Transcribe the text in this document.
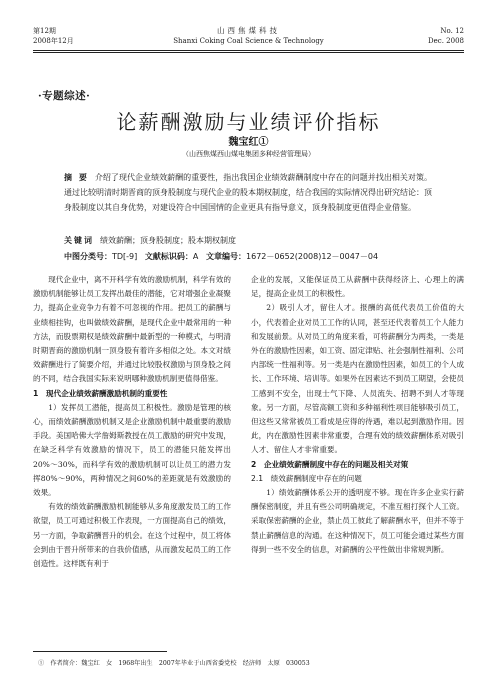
第12期
2008年12月
山西焦煤科技
Shanxi Coking Coal Science & Technology
No. 12
Dec. 2008
·专题综述·
论薪酬激励与业绩评价指标
魏宝红①
（山西焦煤西山煤电集团多种经营管理局）
摘 要 介绍了现代企业绩效薪酬的重要性，指出我国企业绩效薪酬制度中存在的问题并找出相关对策。通过比较明清时期晋商的顶身股制度与现代企业的股本期权制度，结合我国的实际情况得出研究结论：顶身股制度以其自身优势，对建设符合中国国情的企业更具有指导意义，顶身股制度更值得企业借鉴。
关键词 绩效薪酬；顶身股制度；股本期权制度
中图分类号：TD[-9] 文献标识码：A 文章编号：1672－0652(2008)12－0047－04

现代企业中，离不开科学有效的激励机制，科学有效的激励机制能够让员工发挥出最佳的潜能，它对增强企业凝聚力，提高企业竞争力有着不可忽视的作用。把员工的薪酬与业绩相挂钩，也叫做绩效薪酬，是现代企业中最常用的一种方法，而股票期权是绩效薪酬中最新型的一种模式，与明清时期晋商的激励机制一顶身股有着许多相似之处。本文对绩效薪酬进行了简要介绍，并通过比较股权激励与顶身股之间的不同，结合我国实际来说明哪种激励机制更值得借鉴。

1　现代企业绩效薪酬激励机制的重要性

1）发挥员工潜能，提高员工积极性。激励是管理的核心，而绩效薪酬激励机制又是企业激励机制中最重要的激励手段。美国哈佛大学詹姆斯教授在员工激励的研究中发现，在缺乏科学有效激励的情况下，员工的潜能只能发挥出20%～30%，而科学有效的激励机制可以让员工的潜力发挥80%～90%，两种情况之间60%的差距就是有效激励的效果。

有效的绩效薪酬激励机制能够从多角度激发员工的工作欲望，员工可通过积极工作表现，一方面提高自己的绩效，另一方面，争取薪酬晋升的机会。在这个过程中，员工将体会到由于晋升所带来的自我价值感，从而激发起员工的工作创造性。这样既有利于

企业的发展，又能保证员工从薪酬中获得经济上、心理上的满足，提高企业员工的积极性。

2）吸引人才，留住人才。报酬的高低代表员工价值的大小，代表着企业对员工工作的认同，甚至还代表着员工个人能力和发展前景。从对员工的角度来看，可将薪酬分为两类，一类是外在的激励性因素，如工资、固定津贴、社会强制性福利、公司内部统一性福利等。另一类是内在激励性因素，如员工的个人成长、工作环境、培训等。如果外在因素达不到员工期望，会使员工感到不安全，出现士气下降、人员流失、招聘不到人才等现象。另一方面，尽管高额工资和多种福利性项目能够吸引员工，但这些又常常被员工看成是应得的待遇，难以起到激励作用。因此，内在激励性因素非常重要，合理有效的绩效薪酬体系对吸引人才、留住人才非常重要。

2　企业绩效薪酬制度中存在的问题及相关对策

2.1　绩效薪酬制度中存在的问题

1）绩效薪酬体系公开的透明度不够。现在许多企业实行薪酬保密制度，并且有些公司明确规定，不准互相打探个人工资。采取保密薪酬的企业，禁止员工彼此了解薪酬水平，但并不等于禁止薪酬信息的沟通。在这种情况下，员工可能会通过某些方面得到一些不安全的信息，对薪酬的公平性做出非常规判断。

①　作者简介：魏宝红　女　1968年出生　2007年毕业于山西省委党校　经济师　太原　030053
